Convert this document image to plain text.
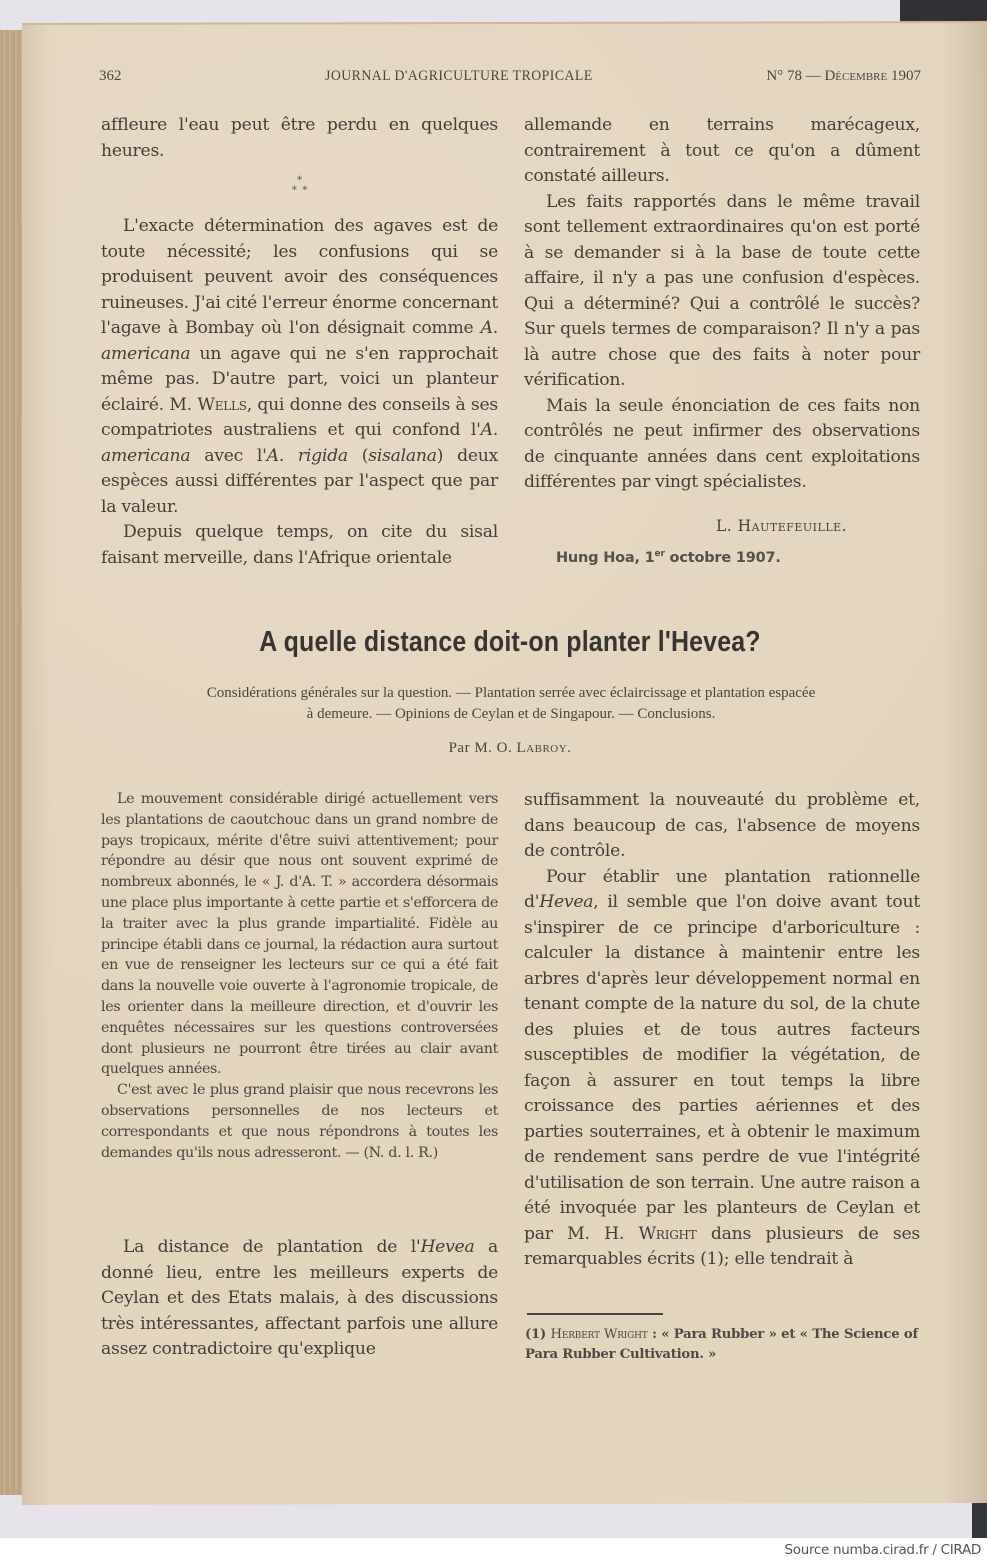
362	JOURNAL D'AGRICULTURE TROPICALE	N° 78 — Décembre 1907

affleure l'eau peut être perdu en quelques heures.

*
*  *

L'exacte détermination des agaves est de toute nécessité; les confusions qui se produisent peuvent avoir des conséquences ruineuses. J'ai cité l'erreur énorme concernant l'agave à Bombay où l'on désignait comme A. americana un agave qui ne s'en rapprochait même pas. D'autre part, voici un planteur éclairé. M. Wells, qui donne des conseils à ses compatriotes australiens et qui confond l'A. americana avec l'A. rigida (sisalana) deux espèces aussi différentes par l'aspect que par la valeur.

Depuis quelque temps, on cite du sisal faisant merveille, dans l'Afrique orientale

allemande en terrains marécageux, contrairement à tout ce qu'on a dûment constaté ailleurs.

Les faits rapportés dans le même travail sont tellement extraordinaires qu'on est porté à se demander si à la base de toute cette affaire, il n'y a pas une confusion d'espèces. Qui a déterminé? Qui a contrôlé le succès? Sur quels termes de comparaison? Il n'y a pas là autre chose que des faits à noter pour vérification.

Mais la seule énonciation de ces faits non contrôlés ne peut infirmer des observations de cinquante années dans cent exploitations différentes par vingt spécialistes.

L. Hautefeuille.
Hung Hoa, 1er octobre 1907.
A quelle distance doit-on planter l'Hevea?
Considérations générales sur la question. — Plantation serrée avec éclaircissage et plantation espacée
à demeure. — Opinions de Ceylan et de Singapour. — Conclusions.
Par M. O. Labroy.

Le mouvement considérable dirigé actuellement vers les plantations de caoutchouc dans un grand nombre de pays tropicaux, mérite d'être suivi attentivement; pour répondre au désir que nous ont souvent exprimé de nombreux abonnés, le « J. d'A. T. » accordera désormais une place plus importante à cette partie et s'efforcera de la traiter avec la plus grande impartialité. Fidèle au principe établi dans ce journal, la rédaction aura surtout en vue de renseigner les lecteurs sur ce qui a été fait dans la nouvelle voie ouverte à l'agronomie tropicale, de les orienter dans la meilleure direction, et d'ouvrir les enquêtes nécessaires sur les questions controversées dont plusieurs ne pourront être tirées au clair avant quelques années.

C'est avec le plus grand plaisir que nous recevrons les observations personnelles de nos lecteurs et correspondants et que nous répondrons à toutes les demandes qu'ils nous adresseront. — (N. d. l. R.)

La distance de plantation de l'Hevea a donné lieu, entre les meilleurs experts de Ceylan et des Etats malais, à des discussions très intéressantes, affectant parfois une allure assez contradictoire qu'explique

suffisamment la nouveauté du problème et, dans beaucoup de cas, l'absence de moyens de contrôle.

Pour établir une plantation rationnelle d'Hevea, il semble que l'on doive avant tout s'inspirer de ce principe d'arboriculture : calculer la distance à maintenir entre les arbres d'après leur développement normal en tenant compte de la nature du sol, de la chute des pluies et de tous autres facteurs susceptibles de modifier la végétation, de façon à assurer en tout temps la libre croissance des parties aériennes et des parties souterraines, et à obtenir le maximum de rendement sans perdre de vue l'intégrité d'utilisation de son terrain. Une autre raison a été invoquée par les planteurs de Ceylan et par M. H. Wright dans plusieurs de ses remarquables écrits (1); elle tendrait à

(1) Herbert Wright : « Para Rubber » et « The Science of Para Rubber Cultivation. »
Source numba.cirad.fr / CIRAD
